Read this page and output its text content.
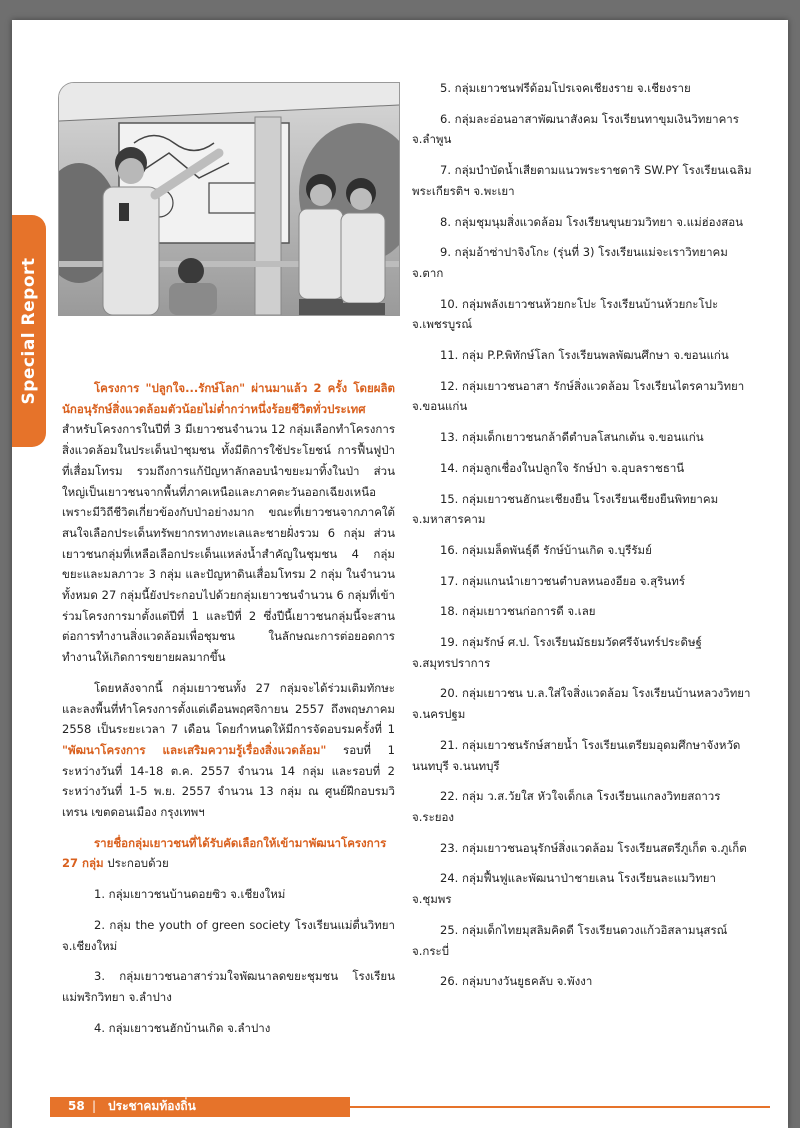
Special Report	โครงการ "ปลูกใจ...รักษ์โลก" ผ่านมาแล้ว 2 ครั้ง โดยผลิตนักอนุรักษ์สิ่งแวดล้อมตัวน้อยไม่ต่ำกว่าหนึ่งร้อยชีวิตทั่วประเทศ สำหรับโครงการในปีที่ 3 มีเยาวชนจำนวน 12 กลุ่มเลือกทำโครงการสิ่งแวดล้อมในประเด็นป่าชุมชน ทั้งมีติการใช้ประโยชน์ การฟื้นฟูป่าที่เสื่อมโทรม รวมถึงการแก้ปัญหาลักลอบนำขยะมาทิ้งในป่า ส่วนใหญ่เป็นเยาวชนจากพื้นที่ภาคเหนือและภาคตะวันออกเฉียงเหนือเพราะมีวิถีชีวิตเกี่ยวข้องกับป่าอย่างมาก ขณะที่เยาวชนจากภาคใต้สนใจเลือกประเด็นทรัพยากรทางทะเลและชายฝั่งรวม 6 กลุ่ม ส่วนเยาวชนกลุ่มที่เหลือเลือกประเด็นแหล่งน้ำสำคัญในชุมชน 4 กลุ่ม ขยะและมลภาวะ 3 กลุ่ม และปัญหาดินเสื่อมโทรม 2 กลุ่ม ในจำนวนทั้งหมด 27 กลุ่มนี้ยังประกอบไปด้วยกลุ่มเยาวชนจำนวน 6 กลุ่มที่เข้าร่วมโครงการมาตั้งแต่ปีที่ 1 และปีที่ 2 ซึ่งปีนี้เยาวชนกลุ่มนี้จะสานต่อการทำงานสิ่งแวดล้อมเพื่อชุมชน ในลักษณะการต่อยอดการทำงานให้เกิดการขยายผลมากขึ้น

โดยหลังจากนี้ กลุ่มเยาวชนทั้ง 27 กลุ่มจะได้ร่วมเติมทักษะ และลงพื้นที่ทำโครงการตั้งแต่เดือนพฤศจิกายน 2557 ถึงพฤษภาคม 2558 เป็นระยะเวลา 7 เดือน โดยกำหนดให้มีการจัดอบรมครั้งที่ 1 "พัฒนาโครงการ และเสริมความรู้เรื่องสิ่งแวดล้อม" รอบที่ 1 ระหว่างวันที่ 14-18 ต.ค. 2557 จำนวน 14 กลุ่ม และรอบที่ 2 ระหว่างวันที่ 1-5 พ.ย. 2557 จำนวน 13 กลุ่ม ณ ศูนย์ฝึกอบรมวิเทรน เขตดอนเมือง กรุงเทพฯ

รายชื่อกลุ่มเยาวชนที่ได้รับคัดเลือกให้เข้ามาพัฒนาโครงการ 27 กลุ่ม ประกอบด้วย

1. กลุ่มเยาวชนบ้านดอยซิว จ.เชียงใหม่

2. กลุ่ม the youth of green society โรงเรียนแม่ตื่นวิทยา จ.เชียงใหม่

3. กลุ่มเยาวชนอาสาร่วมใจพัฒนาลดขยะชุมชน โรงเรียนแม่พริกวิทยา จ.ลำปาง

4. กลุ่มเยาวชนฮักบ้านเกิด จ.ลำปาง

5. กลุ่มเยาวชนฟรีด้อมโปรเจคเชียงราย จ.เชียงราย

6. กลุ่มละอ่อนอาสาพัฒนาสังคม โรงเรียนทาขุมเงินวิทยาคาร จ.ลำพูน

7. กลุ่มบำบัดน้ำเสียตามแนวพระราชดาริ SW.PY โรงเรียนเฉลิมพระเกียรติฯ จ.พะเยา

8. กลุ่มชุมนุมสิ่งแวดล้อม โรงเรียนขุนยวมวิทยา จ.แม่ฮ่องสอน

9. กลุ่มอ้าซ่าปาจิงโกะ (รุ่นที่ 3) โรงเรียนแม่จะเราวิทยาคม จ.ตาก

10. กลุ่มพลังเยาวชนห้วยกะโปะ โรงเรียนบ้านห้วยกะโปะ จ.เพชรบูรณ์

11. กลุ่ม P.P.พิทักษ์โลก โรงเรียนพลพัฒนศึกษา จ.ขอนแก่น

12. กลุ่มเยาวชนอาสา รักษ์สิ่งแวดล้อม โรงเรียนไตรคามวิทยา จ.ขอนแก่น

13. กลุ่มเด็กเยาวชนกล้าดีตำบลโสนกเต้น จ.ขอนแก่น

14. กลุ่มลูกเชื่องในปลูกใจ รักษ์ป่า จ.อุบลราชธานี

15. กลุ่มเยาวชนฮักนะเชียงยืน โรงเรียนเชียงยืนพิทยาคม จ.มหาสารคาม

16. กลุ่มเมล็ดพันธุ์ดี รักษ์บ้านเกิด จ.บุรีรัมย์

17. กลุ่มแกนนำเยาวชนตำบลหนองอียอ จ.สุรินทร์

18. กลุ่มเยาวชนก่อการดี จ.เลย

19. กลุ่มรักษ์ ศ.ป. โรงเรียนมัธยมวัดศรีจันทร์ประดิษฐ์ จ.สมุทรปราการ

20. กลุ่มเยาวชน บ.ล.ใส่ใจสิ่งแวดล้อม โรงเรียนบ้านหลวงวิทยา จ.นครปฐม

21. กลุ่มเยาวชนรักษ์สายน้ำ โรงเรียนเตรียมอุดมศึกษาจังหวัดนนทบุรี จ.นนทบุรี

22. กลุ่ม ว.ส.วัยใส หัวใจเด็กเล โรงเรียนแกลงวิทยสถาวร จ.ระยอง

23. กลุ่มเยาวชนอนุรักษ์สิ่งแวดล้อม โรงเรียนสตรีภูเก็ต จ.ภูเก็ต

24. กลุ่มฟื้นฟูและพัฒนาป่าชายเลน โรงเรียนละแมวิทยา จ.ชุมพร

25. กลุ่มเด็กไทยมุสลิมคิดดี โรงเรียนดวงแก้วอิสลามนุสรณ์ จ.กระบี่

26. กลุ่มบางวันยูธคลับ จ.พังงา

58 | ประชาคมท้องถิ่น
